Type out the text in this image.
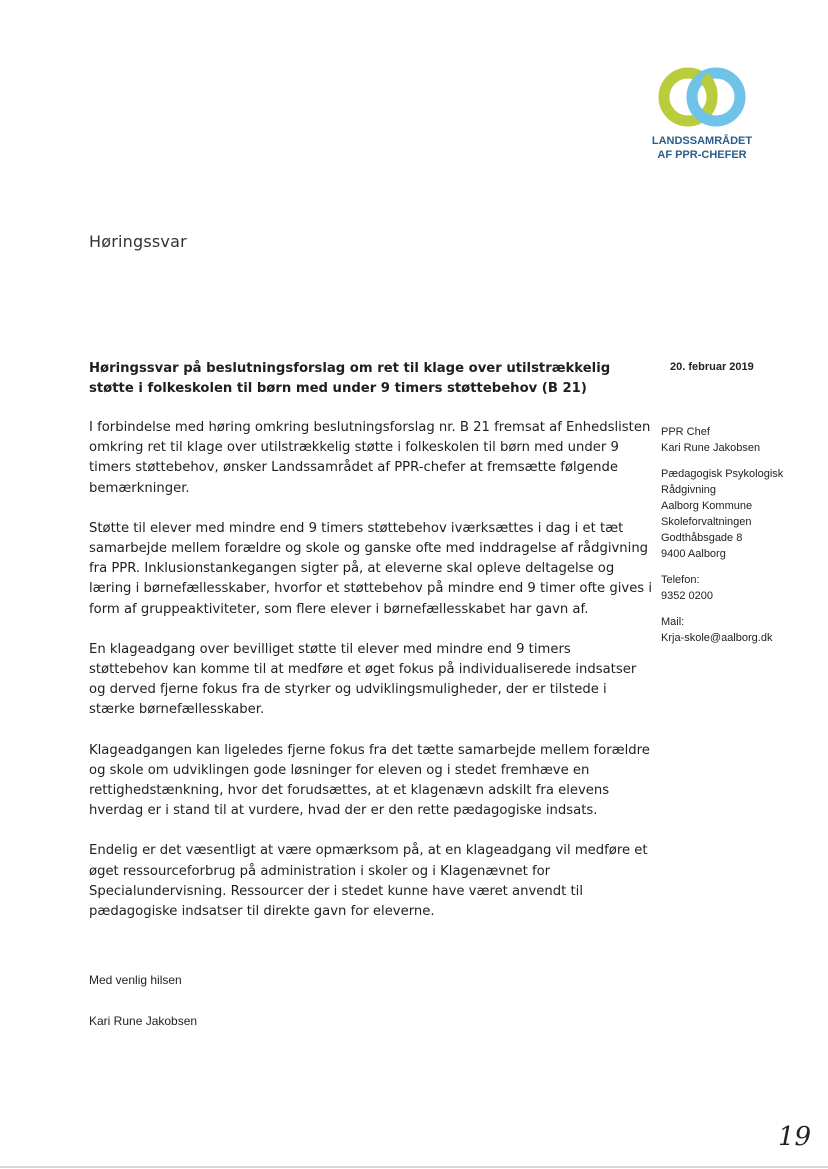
LANDSSAMRÅDET
AF PPR-CHEFER
Høringssvar
Høringssvar på beslutningsforslag om ret til klage over utilstrækkelig støtte i folkeskolen til børn med under 9 timers støttebehov (B 21)
20. februar 2019

I forbindelse med høring omkring beslutningsforslag nr. B 21 fremsat af Enhedslisten omkring ret til klage over utilstrækkelig støtte i folkeskolen til børn med under 9 timers støttebehov, ønsker Landssamrådet af PPR-chefer at fremsætte følgende bemærkninger.

Støtte til elever med mindre end 9 timers støttebehov iværksættes i dag i et tæt samarbejde mellem forældre og skole og ganske ofte med inddragelse af rådgivning fra PPR. Inklusionstankegangen sigter på, at eleverne skal opleve deltagelse og læring i børnefællesskaber, hvorfor et støttebehov på mindre end 9 timer ofte gives i form af gruppeaktiviteter, som flere elever i børnefællesskabet har gavn af.

En klageadgang over bevilliget støtte til elever med mindre end 9 timers støttebehov kan komme til at medføre et øget fokus på individualiserede indsatser og derved fjerne fokus fra de styrker og udviklingsmuligheder, der er tilstede i stærke børnefællesskaber.

Klageadgangen kan ligeledes fjerne fokus fra det tætte samarbejde mellem forældre og skole om udviklingen gode løsninger for eleven og i stedet fremhæve en rettighedstænkning, hvor det forudsættes, at et klagenævn adskilt fra elevens hverdag er i stand til at vurdere, hvad der er den rette pædagogiske indsats.

Endelig er det væsentligt at være opmærksom på, at en klageadgang vil medføre et øget ressourceforbrug på administration i skoler og i Klagenævnet for Specialundervisning. Ressourcer der i stedet kunne have været anvendt til pædagogiske indsatser til direkte gavn for eleverne.

PPR Chef
Kari Rune Jakobsen
Pædagogisk Psykologisk
Rådgivning
Aalborg Kommune
Skoleforvaltningen
Godthåbsgade 8
9400 Aalborg
Telefon:
9352 0200
Mail:
Krja-skole@aalborg.dk
Med venlig hilsen
Kari Rune Jakobsen
19
